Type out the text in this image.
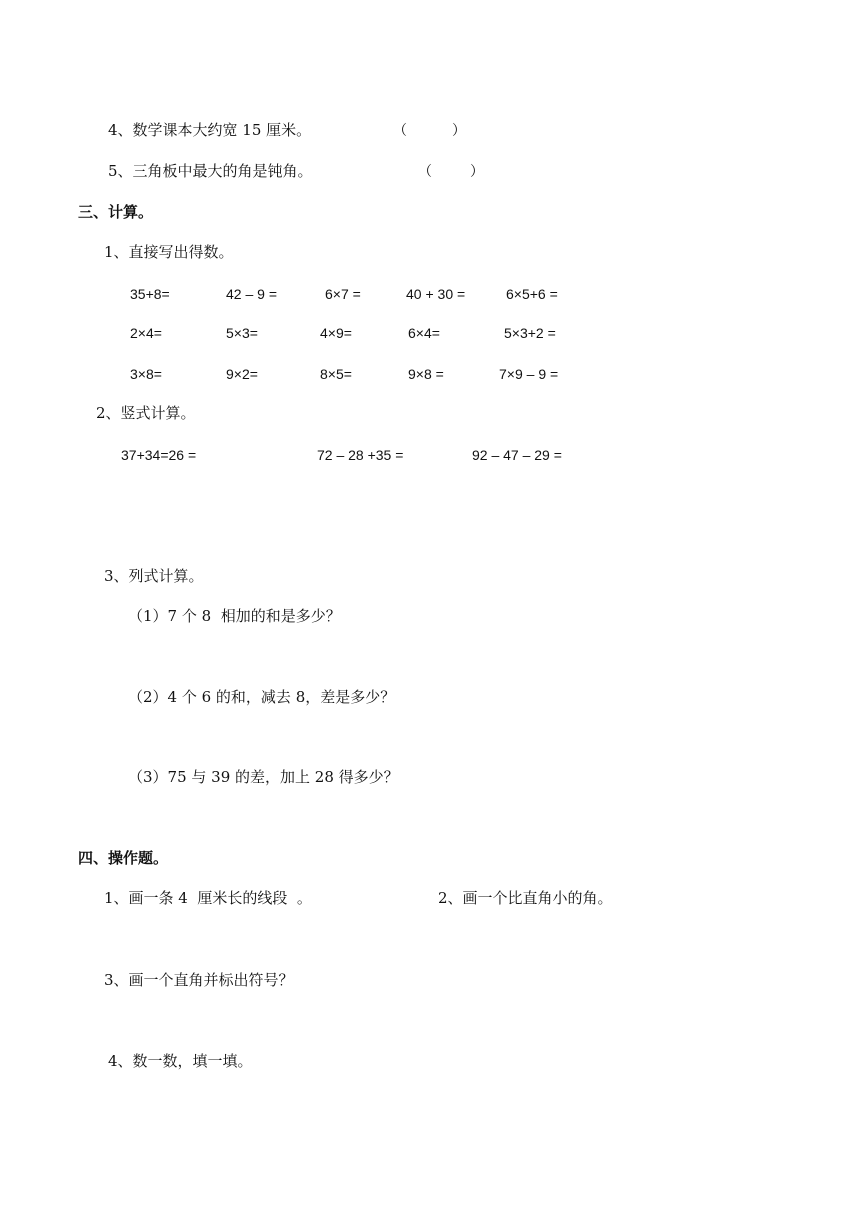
4、数学课本大约宽 15 厘米。	（	）
5、三角板中最大的角是钝角。	（	）
三、计算。
1、直接写出得数。
35+8=	42 – 9 =	6×7 =	40 + 30 =	6×5+6 =
2×4=	5×3=	4×9=	6×4=	5×3+2 =
3×8=	9×2=	8×5=	9×8 =	7×9 – 9 =
2、竖式计算。
37+34=26 =	72 – 28 +35 =	92 – 47 – 29 =
3、列式计算。
（1）7 个 8  相加的和是多少？
（2）4 个 6 的和，减去 8，差是多少？
（3）75 与 39 的差，加上 28 得多少？
四、操作题。
1、画一条 4  厘米长的线段  。	2、画一个比直角小的角。
3、画一个直角并标出符号？
4、数一数，填一填。
